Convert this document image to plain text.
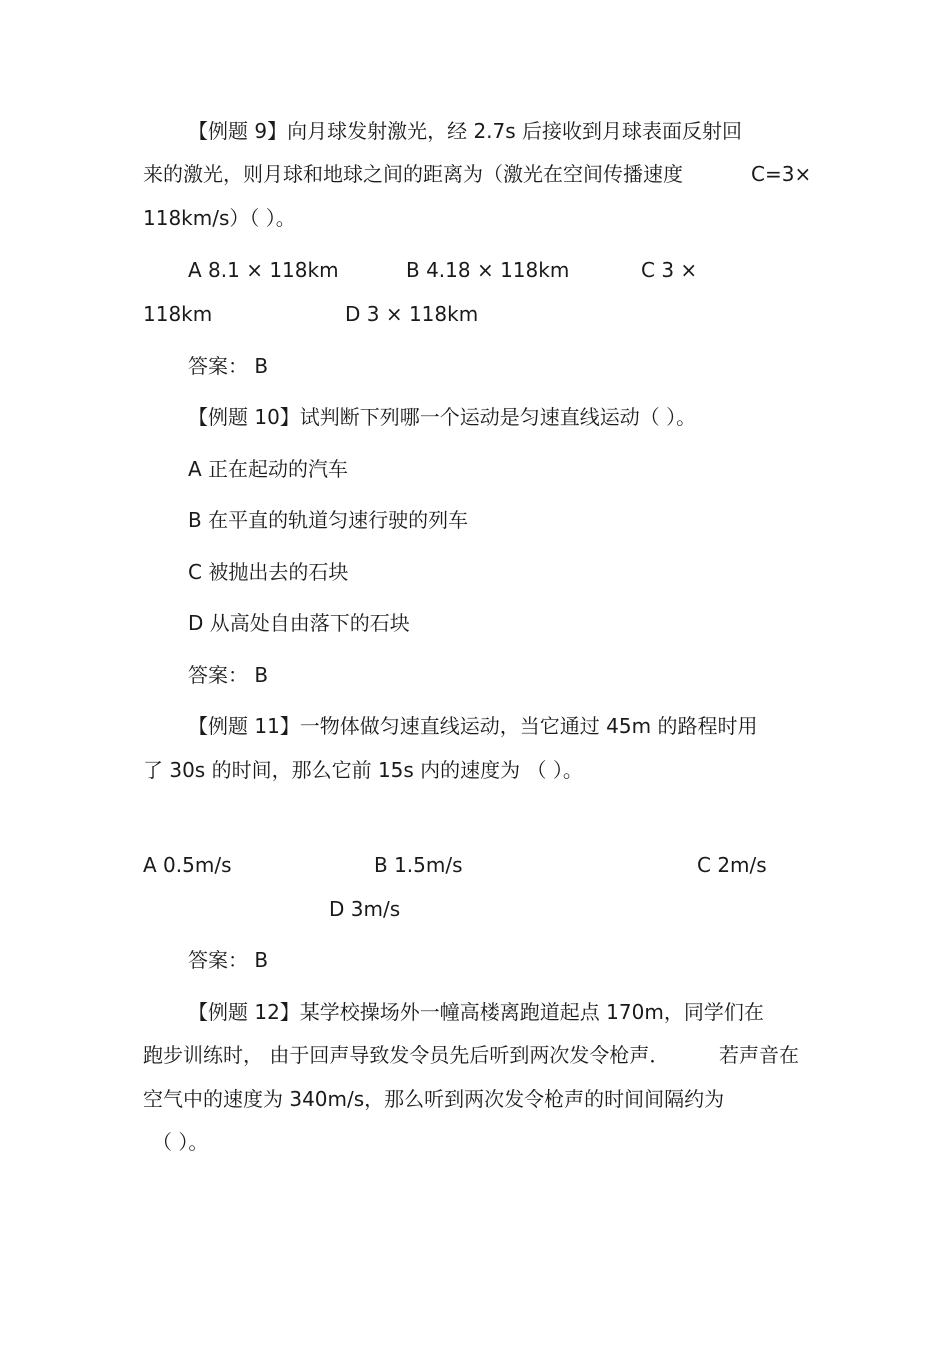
【例题 9】向月球发射激光，经 2.7s 后接收到月球表面反射回
来的激光，则月球和地球之间的距离为（激光在空间传播速度	C=3×
118km/s）（ ）。
A 8.1 × 118km	B 4.18 × 118km	C 3 ×
118km	D 3 × 118km
答案： B
【例题 10】试判断下列哪一个运动是匀速直线运动（ ）。
A 正在起动的汽车
B 在平直的轨道匀速行驶的列车
C 被抛出去的石块
D 从高处自由落下的石块
答案： B
【例题 11】一物体做匀速直线运动，当它通过 45m 的路程时用
了 30s 的时间，那么它前 15s 内的速度为 （ ）。
A 0.5m/s	B 1.5m/s	C 2m/s
D 3m/s
答案： B
【例题 12】某学校操场外一幢高楼离跑道起点 170m，同学们在
跑步训练时， 由于回声导致发令员先后听到两次发令枪声． 若声音在
空气中的速度为 340m/s，那么听到两次发令枪声的时间间隔约为
（ ）。
